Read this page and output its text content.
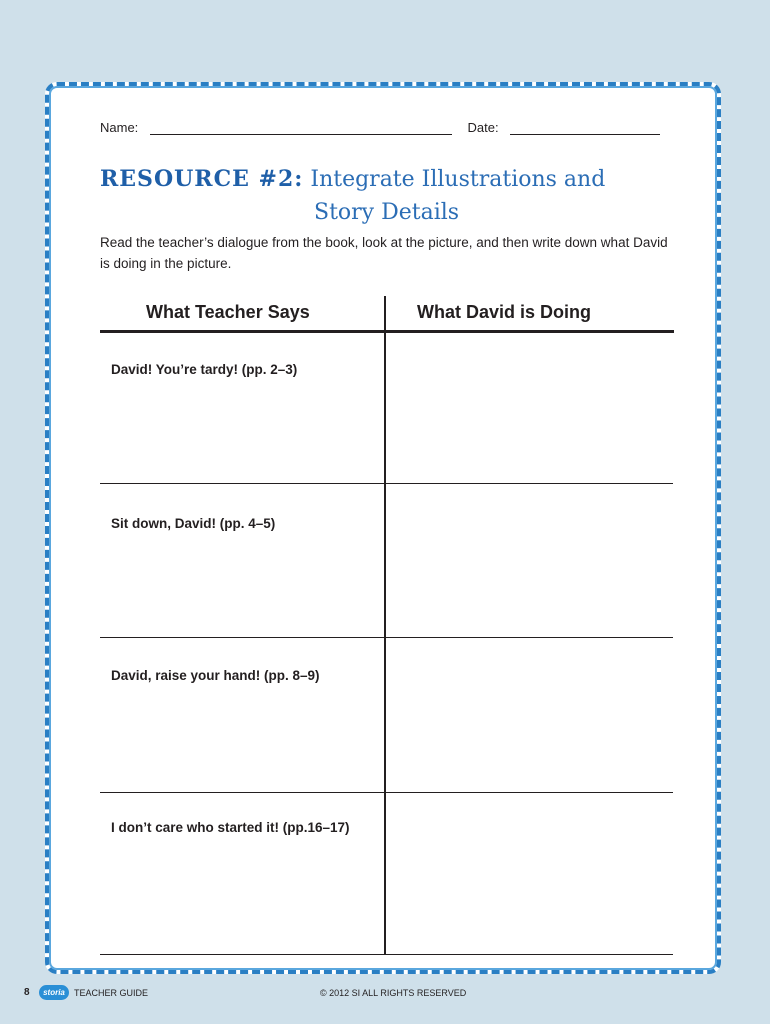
Name:	Date:
RESOURCE #2: Integrate Illustrations and
Story Details
Read the teacher’s dialogue from the book, look at the picture, and then write down what David is doing in the picture.
What Teacher Says	What David is Doing
David! You’re tardy! (pp. 2–3)
Sit down, David! (pp. 4–5)
David, raise your hand! (pp. 8–9)
I don’t care who started it! (pp.16–17)
8	storia	TEACHER GUIDE	© 2012 SI ALL RIGHTS RESERVED
